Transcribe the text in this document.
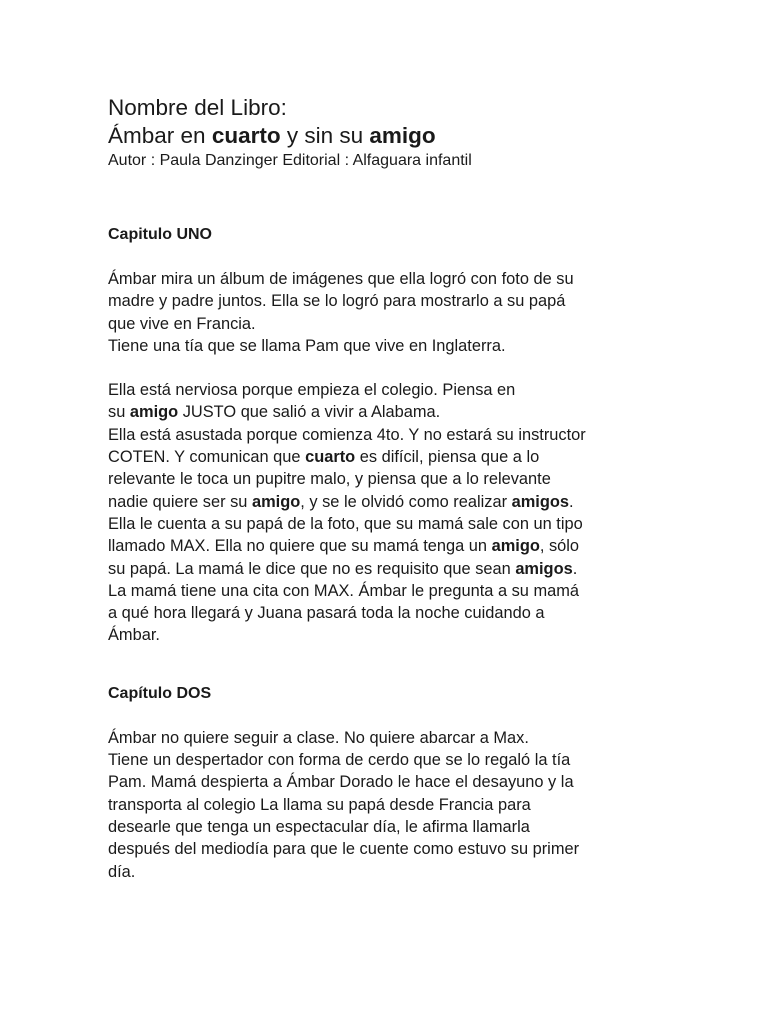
Nombre del Libro:
Ámbar en cuarto y sin su amigo

Autor : Paula Danzinger Editorial : Alfaguara infantil

Capitulo UNO

Ámbar mira un álbum de imágenes que ella logró con foto de su
madre y padre juntos. Ella se lo logró para mostrarlo a su papá
que vive en Francia.
Tiene una tía que se llama Pam que vive en Inglaterra.

Ella está nerviosa porque empieza el colegio. Piensa en
su amigo JUSTO que salió a vivir a Alabama.
Ella está asustada porque comienza 4to. Y no estará su instructor
COTEN. Y comunican que cuarto es difícil, piensa que a lo
relevante le toca un pupitre malo, y piensa que a lo relevante
nadie quiere ser su amigo, y se le olvidó como realizar amigos.
Ella le cuenta a su papá de la foto, que su mamá sale con un tipo
llamado MAX. Ella no quiere que su mamá tenga un amigo, sólo
su papá. La mamá le dice que no es requisito que sean amigos.
La mamá tiene una cita con MAX. Ámbar le pregunta a su mamá
a qué hora llegará y Juana pasará toda la noche cuidando a
Ámbar.

Capítulo DOS

Ámbar no quiere seguir a clase. No quiere abarcar a Max.
Tiene un despertador con forma de cerdo que se lo regaló la tía
Pam. Mamá despierta a Ámbar Dorado le hace el desayuno y la
transporta al colegio La llama su papá desde Francia para
desearle que tenga un espectacular día, le afirma llamarla
después del mediodía para que le cuente como estuvo su primer
día.
